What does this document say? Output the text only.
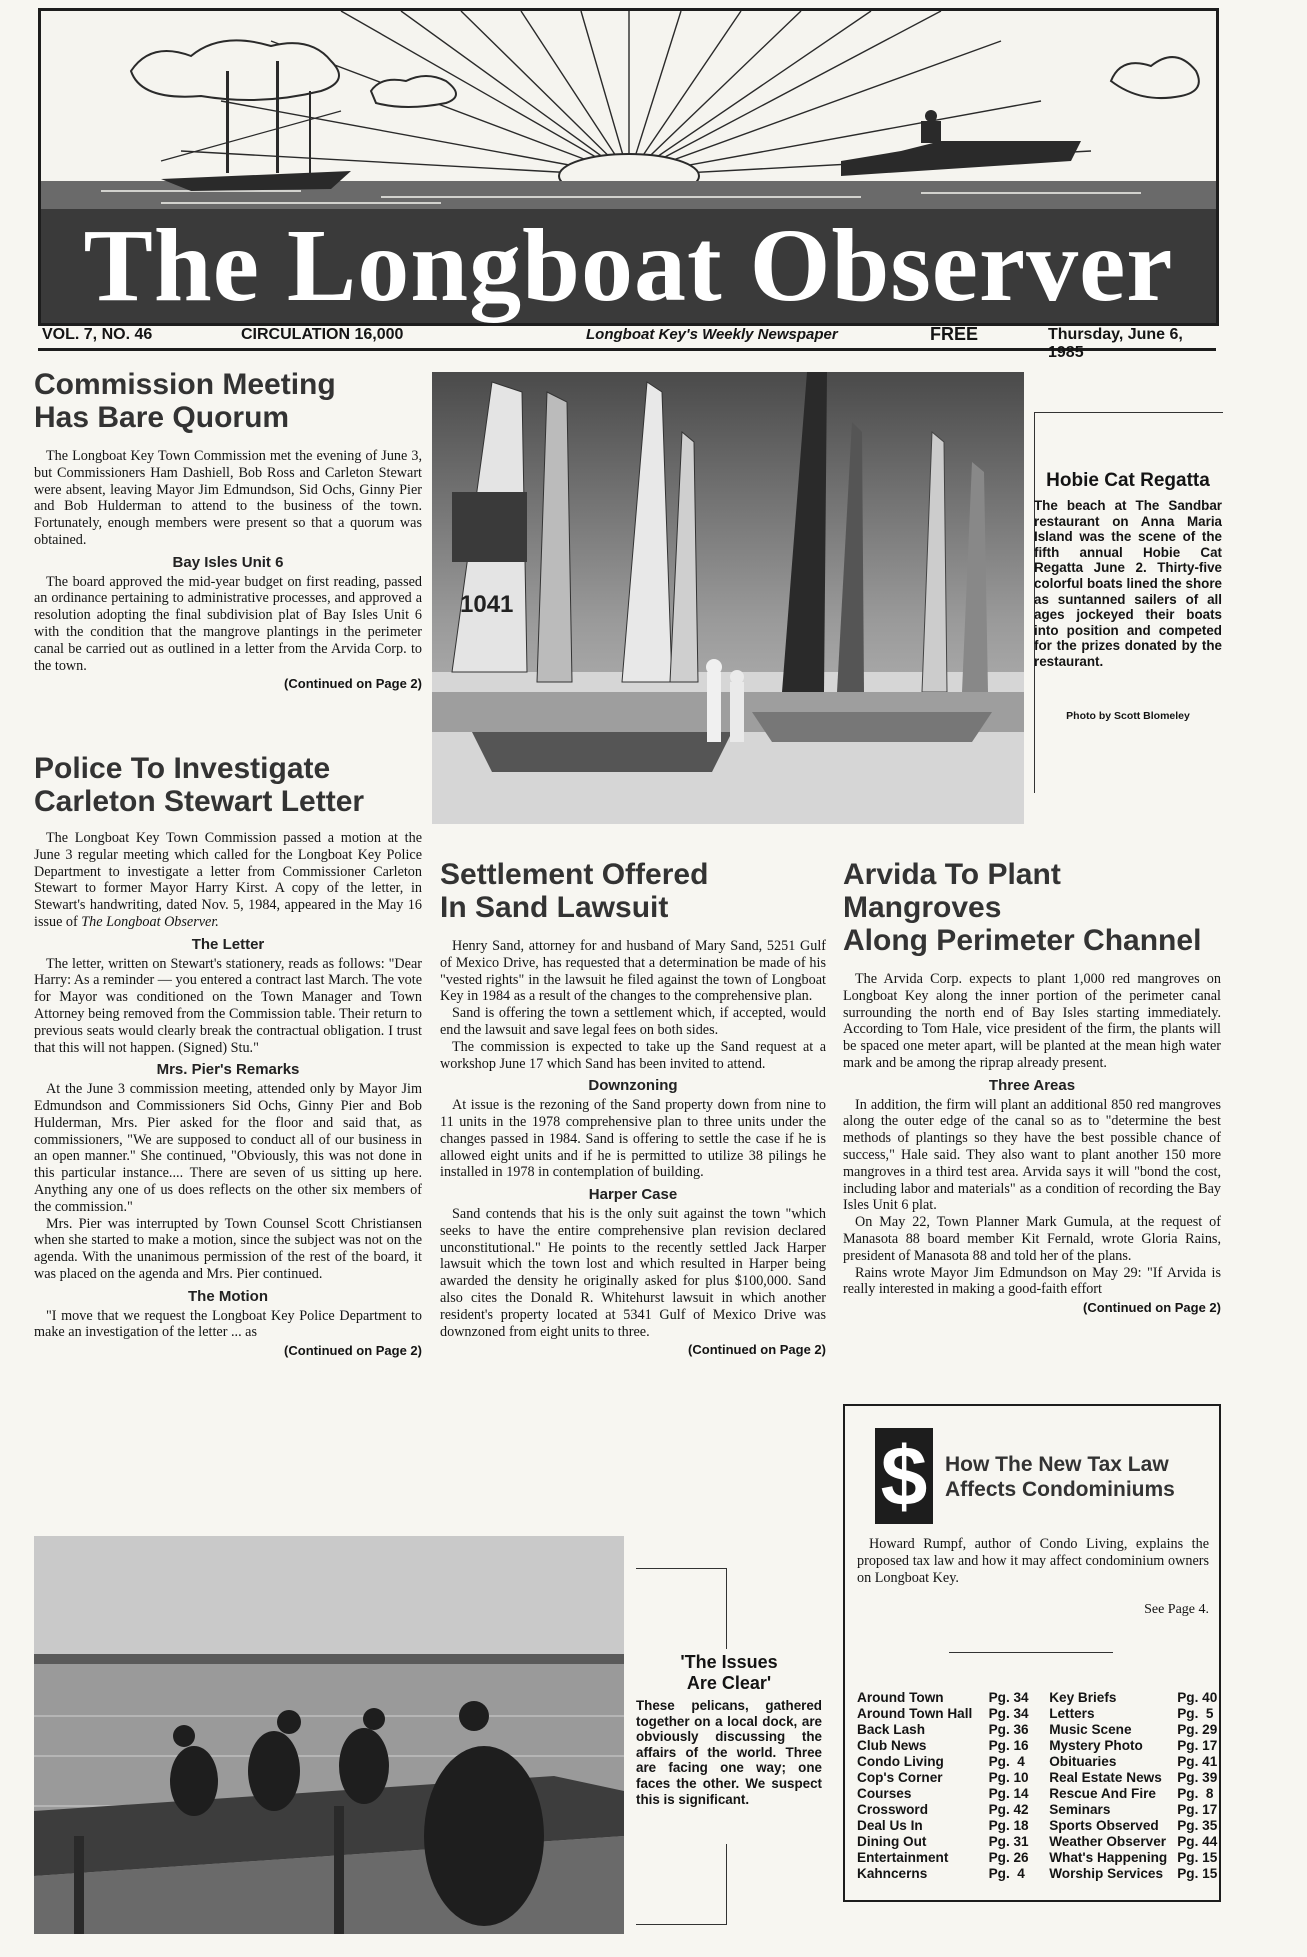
The Longboat Observer
VOL. 7, NO. 46	CIRCULATION 16,000	Longboat Key's Weekly Newspaper	FREE	Thursday, June 6, 1985
Commission Meeting
Has Bare Quorum

The Longboat Key Town Commission met the evening of June 3, but Commissioners Ham Dashiell, Bob Ross and Carleton Stewart were absent, leaving Mayor Jim Edmundson, Sid Ochs, Ginny Pier and Bob Hulderman to attend to the business of the town. Fortunately, enough members were present so that a quorum was obtained.

Bay Isles Unit 6

The board approved the mid-year budget on first reading, passed an ordinance pertaining to administrative processes, and approved a resolution adopting the final subdivision plat of Bay Isles Unit 6 with the condition that the mangrove plantings in the perimeter canal be carried out as outlined in a letter from the Arvida Corp. to the town.

(Continued on Page 2)
Police To Investigate
Carleton Stewart Letter

The Longboat Key Town Commission passed a motion at the June 3 regular meeting which called for the Longboat Key Police Department to investigate a letter from Commissioner Carleton Stewart to former Mayor Harry Kirst. A copy of the letter, in Stewart's handwriting, dated Nov. 5, 1984, appeared in the May 16 issue of The Longboat Observer.

The Letter

The letter, written on Stewart's stationery, reads as follows: "Dear Harry: As a reminder — you entered a contract last March. The vote for Mayor was conditioned on the Town Manager and Town Attorney being removed from the Commission table. Their return to previous seats would clearly break the contractual obligation. I trust that this will not happen. (Signed) Stu."

Mrs. Pier's Remarks

At the June 3 commission meeting, attended only by Mayor Jim Edmundson and Commissioners Sid Ochs, Ginny Pier and Bob Hulderman, Mrs. Pier asked for the floor and said that, as commissioners, "We are supposed to conduct all of our business in an open manner." She continued, "Obviously, this was not done in this particular instance.... There are seven of us sitting up here. Anything any one of us does reflects on the other six members of the commission."

Mrs. Pier was interrupted by Town Counsel Scott Christiansen when she started to make a motion, since the subject was not on the agenda. With the unanimous permission of the rest of the board, it was placed on the agenda and Mrs. Pier continued.

The Motion

"I move that we request the Longboat Key Police Department to make an investigation of the letter ... as

(Continued on Page 2)
1041
Hobie Cat Regatta
The beach at The Sandbar restaurant on Anna Maria Island was the scene of the fifth annual Hobie Cat Regatta June 2. Thirty-five colorful boats lined the shore as suntanned sailers of all ages jockeyed their boats into position and competed for the prizes donated by the restaurant.
Photo by Scott Blomeley
Settlement Offered
In Sand Lawsuit

Henry Sand, attorney for and husband of Mary Sand, 5251 Gulf of Mexico Drive, has requested that a determination be made of his "vested rights" in the lawsuit he filed against the town of Longboat Key in 1984 as a result of the changes to the comprehensive plan.

Sand is offering the town a settlement which, if accepted, would end the lawsuit and save legal fees on both sides.

The commission is expected to take up the Sand request at a workshop June 17 which Sand has been invited to attend.

Downzoning

At issue is the rezoning of the Sand property down from nine to 11 units in the 1978 comprehensive plan to three units under the changes passed in 1984. Sand is offering to settle the case if he is allowed eight units and if he is permitted to utilize 38 pilings he installed in 1978 in contemplation of building.

Harper Case

Sand contends that his is the only suit against the town "which seeks to have the entire comprehensive plan revision declared unconstitutional." He points to the recently settled Jack Harper lawsuit which the town lost and which resulted in Harper being awarded the density he originally asked for plus $100,000. Sand also cites the Donald R. Whitehurst lawsuit in which another resident's property located at 5341 Gulf of Mexico Drive was downzoned from eight units to three.

(Continued on Page 2)
Arvida To Plant Mangroves
Along Perimeter Channel

The Arvida Corp. expects to plant 1,000 red mangroves on Longboat Key along the inner portion of the perimeter canal surrounding the north end of Bay Isles starting immediately. According to Tom Hale, vice president of the firm, the plants will be spaced one meter apart, will be planted at the mean high water mark and be among the riprap already present.

Three Areas

In addition, the firm will plant an additional 850 red mangroves along the outer edge of the canal so as to "determine the best methods of plantings so they have the best possible chance of success," Hale said. They also want to plant another 150 more mangroves in a third test area. Arvida says it will "bond the cost, including labor and materials" as a condition of recording the Bay Isles Unit 6 plat.

On May 22, Town Planner Mark Gumula, at the request of Manasota 88 board member Kit Fernald, wrote Gloria Rains, president of Manasota 88 and told her of the plans.

Rains wrote Mayor Jim Edmundson on May 29: "If Arvida is really interested in making a good-faith effort

(Continued on Page 2)
$ How The New Tax Law
Affects Condominiums

Howard Rumpf, author of Condo Living, explains the proposed tax law and how it may affect condominium owners on Longboat Key.

See Page 4.
Around Town	Pg. 34	Key Briefs	Pg. 40
Around Town Hall	Pg. 34	Letters	Pg.  5
Back Lash	Pg. 36	Music Scene	Pg. 29
Club News	Pg. 16	Mystery Photo	Pg. 17
Condo Living	Pg.  4	Obituaries	Pg. 41
Cop's Corner	Pg. 10	Real Estate News	Pg. 39
Courses	Pg. 14	Rescue And Fire	Pg.  8
Crossword	Pg. 42	Seminars	Pg. 17
Deal Us In	Pg. 18	Sports Observed	Pg. 35
Dining Out	Pg. 31	Weather Observer	Pg. 44
Entertainment	Pg. 26	What's Happening	Pg. 15
Kahncerns	Pg.  4	Worship Services	Pg. 15
'The Issues
Are Clear'
These pelicans, gathered together on a local dock, are obviously discussing the affairs of the world. Three are facing one way; one faces the other. We suspect this is significant.
